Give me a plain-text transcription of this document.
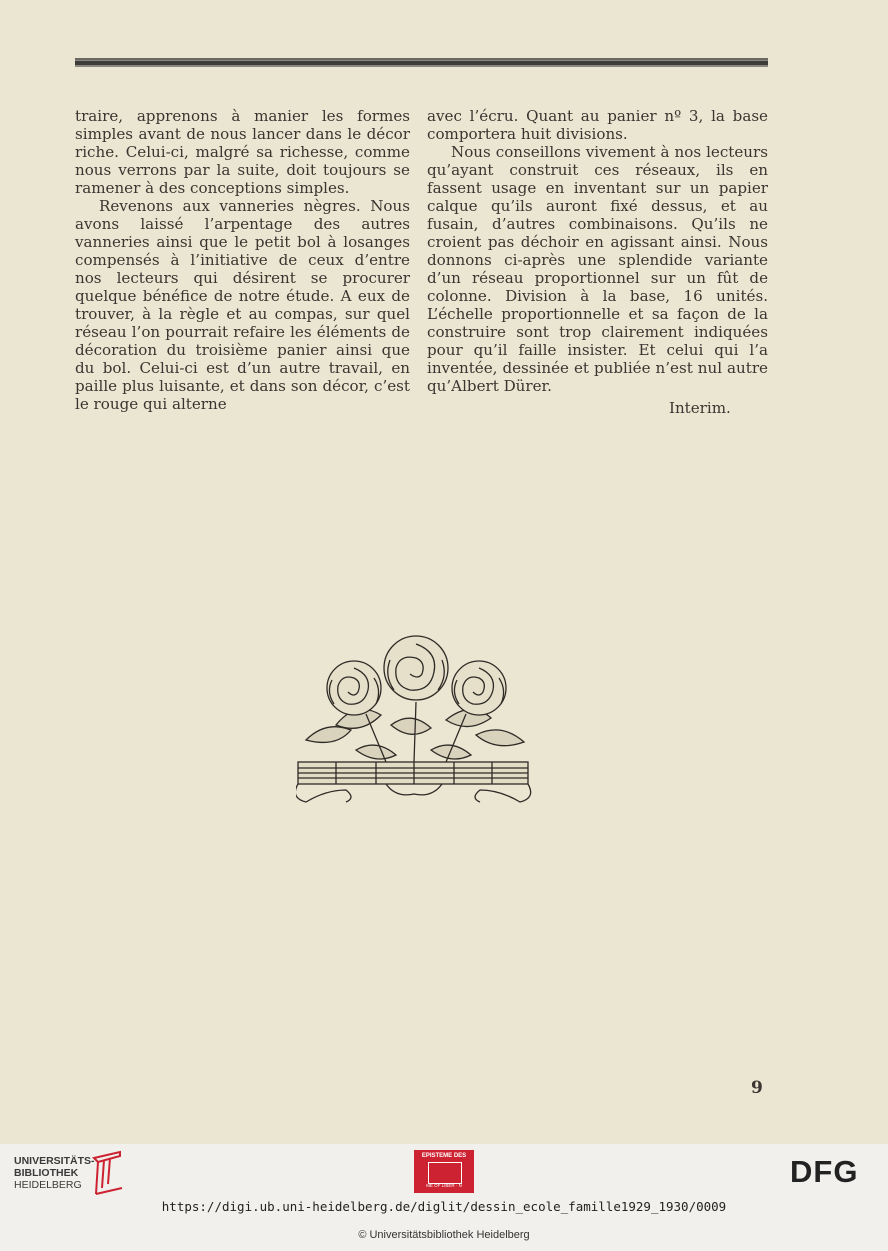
traire, apprenons à manier les formes simples avant de nous lancer dans le décor riche. Celui-ci, malgré sa richesse, comme nous verrons par la suite, doit toujours se ramener à des conceptions simples.

Revenons aux vanneries nègres. Nous avons laissé l’arpentage des autres vanneries ainsi que le petit bol à losanges compensés à l’initiative de ceux d’entre nos lecteurs qui désirent se procurer quelque bénéfice de notre étude. A eux de trouver, à la règle et au compas, sur quel réseau l’on pourrait refaire les éléments de décoration du troisième panier ainsi que du bol. Celui-ci est d’un autre travail, en paille plus luisante, et dans son décor, c’est le rouge qui alterne

avec l’écru. Quant au panier nº 3, la base comportera huit divisions.

Nous conseillons vivement à nos lecteurs qu’ayant construit ces réseaux, ils en fassent usage en inventant sur un papier calque qu’ils auront fixé dessus, et au fusain, d’autres combinaisons. Qu’ils ne croient pas déchoir en agissant ainsi. Nous donnons ci-après une splendide variante d’un réseau proportionnel sur un fût de colonne. Division à la base, 16 unités. L’échelle proportionnelle et sa façon de la construire sont trop clairement indiquées pour qu’il faille insister. Et celui qui l’a inventée, dessinée et publiée n’est nul autre qu’Albert Dürer.

Interim.
9
UNIVERSITÄTS-
BIBLIOTHEK
HEIDELBERG
EPISTEME DES
ME OF LIBER · N	DFG
https://digi.ub.uni-heidelberg.de/diglit/dessin_ecole_famille1929_1930/0009
© Universitätsbibliothek Heidelberg
